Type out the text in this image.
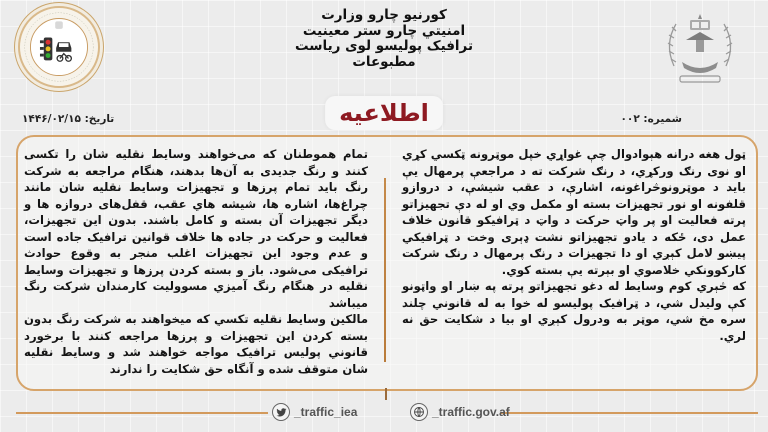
کورنیو چارو وزارت
امنیتي چارو ستر معینیت
ترافیک پولیسو لوی ریاست
مطبوعات
اطلاعیه
تاریخ: ۱۴۴۶/۰۲/۱۵	شمیره: ۰۰۲

ټول هغه درانه هېوادوال چې غواړي خپل موټرونه ټکسي کړي او نوی رنګ ورکړي، د رنګ شرکت ته د مراجعې پرمهال يې بايد د موټرونوڅراغونه، اشارې، د عقب شيشې، د دروازو قلفونه او نور تجهيزات بسته او مکمل وي او له دې تجهيزاتو پرته فعاليت او پر واټ حرکت د واټ د ټرافيکو قانون خلاف عمل دی، ځکه د يادو تجهيزاتو نشت ډېری وخت د ټرافيکي پيښو لامل کېږي او دا تجهيزات د رنګ پرمهال د رنګ شرکت کارکوونکي خلاصوي او بېرته يې بسته کوي.

که څېري کوم وسايط له دغو تجهيزاتو پرته په ښار او واټونو کې وليدل شي، د ټرافيک پوليسو له خوا به له قانوني چلند سره مخ شي، موټر به ودرول کېږي او بيا د شکايت حق نه لري.

تمام هموطنان که می‌خواهند وسایط نقلیه شان را تکسی کنند و رنگ جدیدی به آن‌ها بدهند، هنگام مراجعه به شرکت رنگ باید تمام پرزها و تجهیزات وسایط نقلیه شان مانند چراغ‌ها، اشاره ها، شیشه هاي عقب، قفل‌های دروازه ها و دیگر تجهیزات آن بسته و کامل باشند. بدون این تجهیزات، فعالیت و حرکت در جاده ها خلاف قوانین ترافیک جاده است و عدم وجود این تجهیزات اغلب منجر به وقوع حوادث ترافیکی می‌شود. باز و بسته کردن پرزها و تجهیزات وسایط نقلیه در هنگام رنگ آمیزي مسوولیت کارمندان شرکت رنگ میباشد

مالکین وسایط نقلیه تکسي که میخواهند به شرکت رنگ بدون بسته کردن این تجهیزات و پرزها مراجعه کنند با برخورد قانوني پولیس ترافیک مواجه خواهند شد و وسایط نقلیه شان متوقف شده و آنگاه حق شکایت را ندارند

_traffic_iea	_traffic.gov.af
